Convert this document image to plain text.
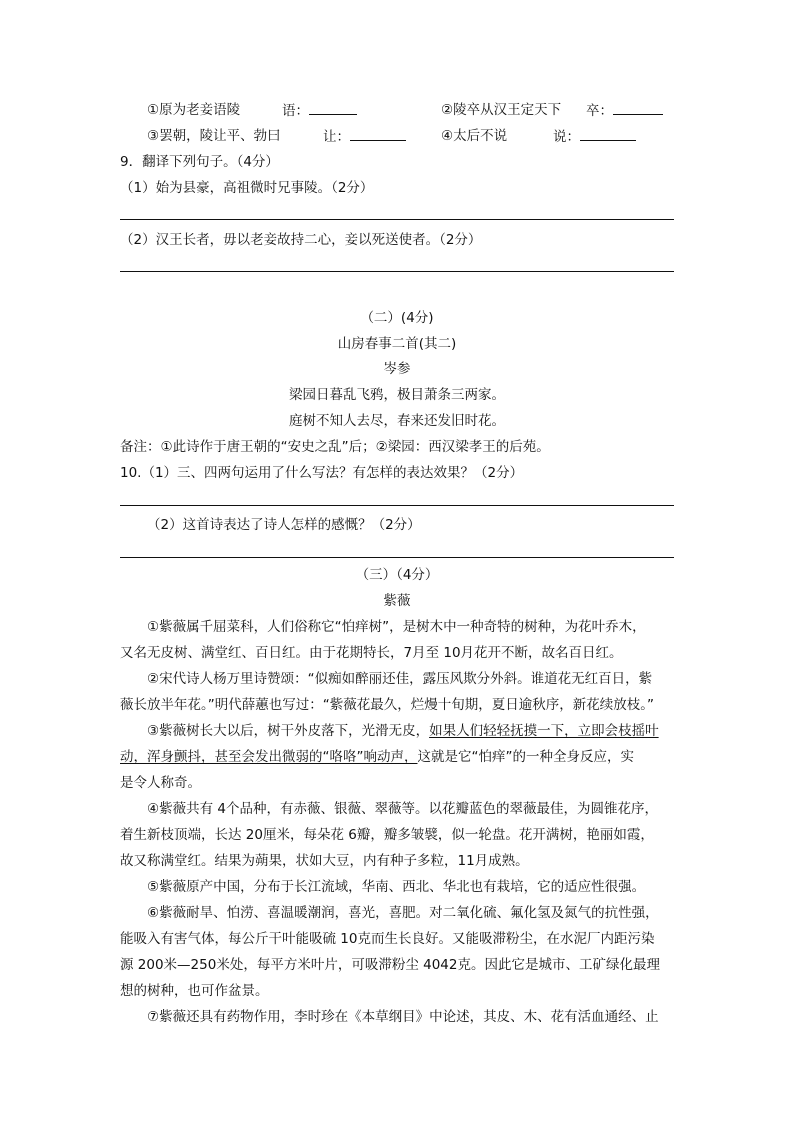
①原为老妾语陵	语：	②陵卒从汉王定天下 卒：
③罢朝，陵让平、勃曰	让：	④太后不说	说：
9．翻译下列句子。（4分）
（1）始为县豪，高祖微时兄事陵。（2分）
（2）汉王长者，毋以老妾故持二心，妾以死送使者。（2分）
（二）(4分)
山房春事二首(其二)
岑参
梁园日暮乱飞鸦，极目萧条三两家。
庭树不知人去尽，春来还发旧时花。
备注：①此诗作于唐王朝的“安史之乱”后；②梁园：西汉梁孝王的后苑。
10.（1）三、四两句运用了什么写法？有怎样的表达效果？（2分）
（2）这首诗表达了诗人怎样的感慨？（2分）
（三）（4分）
紫薇
①紫薇属千屈菜科，人们俗称它“怕痒树”，是树木中一种奇特的树种，为花叶乔木，
又名无皮树、满堂红、百日红。由于花期特长，7月至 10月花开不断，故名百日红。
②宋代诗人杨万里诗赞颂：“似痴如醉丽还佳，露压风欺分外斜。谁道花无红百日，紫
薇长放半年花。”明代薛蕙也写过：“紫薇花最久，烂熳十旬期，夏日逾秋序，新花续放枝。”
③紫薇树长大以后，树干外皮落下，光滑无皮，如果人们轻轻抚摸一下，立即会枝摇叶
动，浑身颤抖，甚至会发出微弱的“咯咯”响动声，这就是它“怕痒”的一种全身反应，实
是令人称奇。
④紫薇共有 4个品种，有赤薇、银薇、翠薇等。以花瓣蓝色的翠薇最佳，为圆锥花序，
着生新枝顶端，长达 20厘米，每朵花 6瓣，瓣多皱襞，似一轮盘。花开满树，艳丽如霞，
故又称满堂红。结果为蒴果，状如大豆，内有种子多粒，11月成熟。
⑤紫薇原产中国，分布于长江流域，华南、西北、华北也有栽培，它的适应性很强。
⑥紫薇耐旱、怕涝、喜温暖潮润，喜光，喜肥。对二氧化硫、氟化氢及氮气的抗性强，
能吸入有害气体，每公斤干叶能吸硫 10克而生长良好。又能吸滞粉尘，在水泥厂内距污染
源 200米—250米处，每平方米叶片，可吸滞粉尘 4042克。因此它是城市、工矿绿化最理
想的树种，也可作盆景。
⑦紫薇还具有药物作用，李时珍在《本草纲目》中论述，其皮、木、花有活血通经、止
